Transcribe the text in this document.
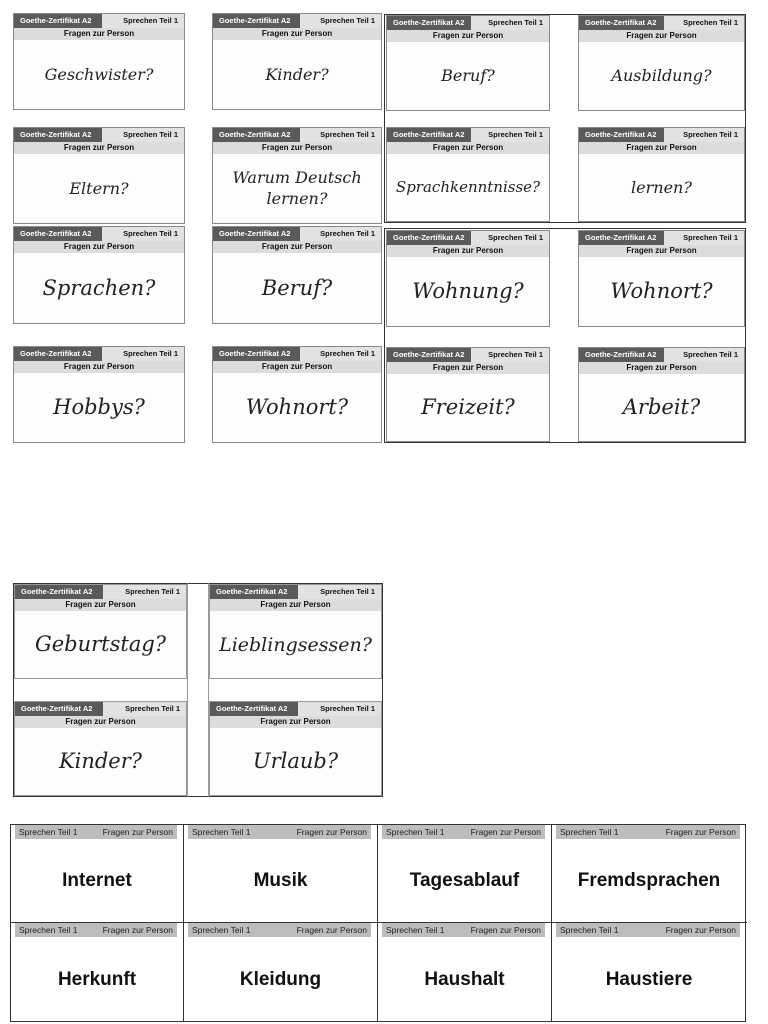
Goethe-Zertifikat A2	Sprechen Teil 1
Fragen zur Person
Geschwister?
Goethe-Zertifikat A2	Sprechen Teil 1
Fragen zur Person
Kinder?
Goethe-Zertifikat A2	Sprechen Teil 1
Fragen zur Person
Beruf?
Goethe-Zertifikat A2	Sprechen Teil 1
Fragen zur Person
Ausbildung?
Goethe-Zertifikat A2	Sprechen Teil 1
Fragen zur Person
Eltern?
Goethe-Zertifikat A2	Sprechen Teil 1
Fragen zur Person
Warum Deutsch lernen?
Goethe-Zertifikat A2	Sprechen Teil 1
Fragen zur Person
Sprachkenntnisse?
Goethe-Zertifikat A2	Sprechen Teil 1
Fragen zur Person
lernen?
Goethe-Zertifikat A2	Sprechen Teil 1
Fragen zur Person
Sprachen?
Goethe-Zertifikat A2	Sprechen Teil 1
Fragen zur Person
Beruf?
Goethe-Zertifikat A2	Sprechen Teil 1
Fragen zur Person
Wohnung?
Goethe-Zertifikat A2	Sprechen Teil 1
Fragen zur Person
Wohnort?
Goethe-Zertifikat A2	Sprechen Teil 1
Fragen zur Person
Hobbys?
Goethe-Zertifikat A2	Sprechen Teil 1
Fragen zur Person
Wohnort?
Goethe-Zertifikat A2	Sprechen Teil 1
Fragen zur Person
Freizeit?
Goethe-Zertifikat A2	Sprechen Teil 1
Fragen zur Person
Arbeit?
Goethe-Zertifikat A2	Sprechen Teil 1
Fragen zur Person
Geburtstag?
Goethe-Zertifikat A2	Sprechen Teil 1
Fragen zur Person
Lieblingsessen?
Goethe-Zertifikat A2	Sprechen Teil 1
Fragen zur Person
Kinder?
Goethe-Zertifikat A2	Sprechen Teil 1
Fragen zur Person
Urlaub?
Sprechen Teil 1	Fragen zur Person
Internet
Sprechen Teil 1	Fragen zur Person
Musik
Sprechen Teil 1	Fragen zur Person
Tagesablauf
Sprechen Teil 1	Fragen zur Person
Fremdsprachen
Sprechen Teil 1	Fragen zur Person
Herkunft
Sprechen Teil 1	Fragen zur Person
Kleidung
Sprechen Teil 1	Fragen zur Person
Haushalt
Sprechen Teil 1	Fragen zur Person
Haustiere
